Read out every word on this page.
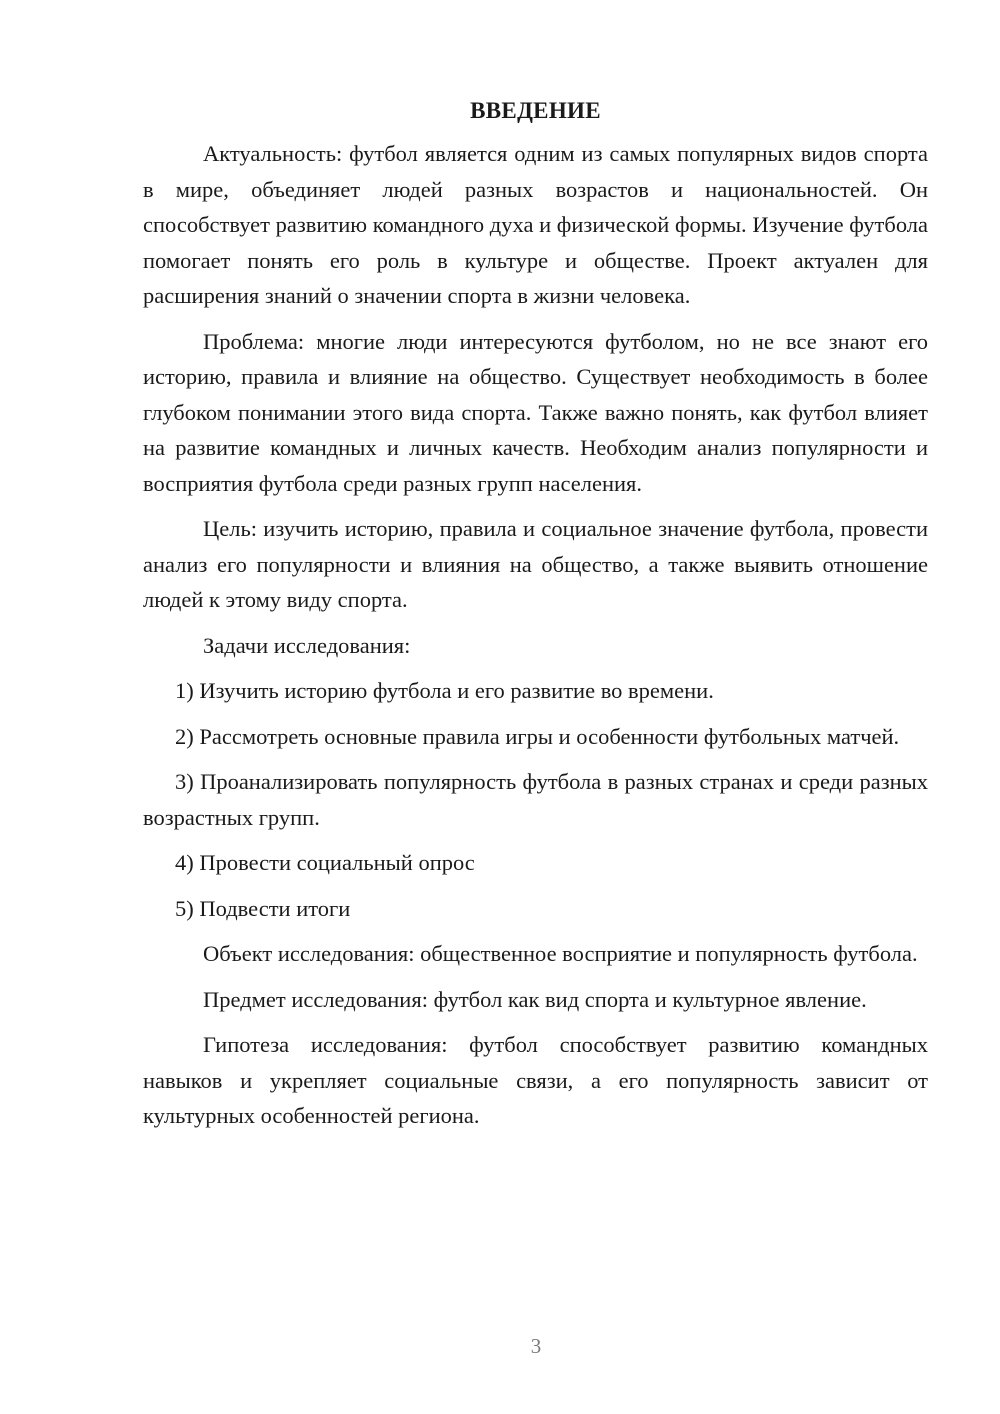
ВВЕДЕНИЕ

Актуальность: футбол является одним из самых популярных видов спорта в мире, объединяет людей разных возрастов и национальностей. Он способствует развитию командного духа и физической формы. Изучение футбола помогает понять его роль в культуре и обществе. Проект актуален для расширения знаний о значении спорта в жизни человека.

Проблема: многие люди интересуются футболом, но не все знают его историю, правила и влияние на общество. Существует необходимость в более глубоком понимании этого вида спорта. Также важно понять, как футбол влияет на развитие командных и личных качеств. Необходим анализ популярности и восприятия футбола среди разных групп населения.

Цель: изучить историю, правила и социальное значение футбола, провести анализ его популярности и влияния на общество, а также выявить отношение людей к этому виду спорта.

Задачи исследования:

1) Изучить историю футбола и его развитие во времени.

2) Рассмотреть основные правила игры и особенности футбольных матчей.

3) Проанализировать популярность футбола в разных странах и среди разных возрастных групп.

4) Провести социальный опрос

5) Подвести итоги

Объект исследования: общественное восприятие и популярность футбола.

Предмет исследования: футбол как вид спорта и культурное явление.

Гипотеза исследования: футбол способствует развитию командных навыков и укрепляет социальные связи, а его популярность зависит от культурных особенностей региона.

3
